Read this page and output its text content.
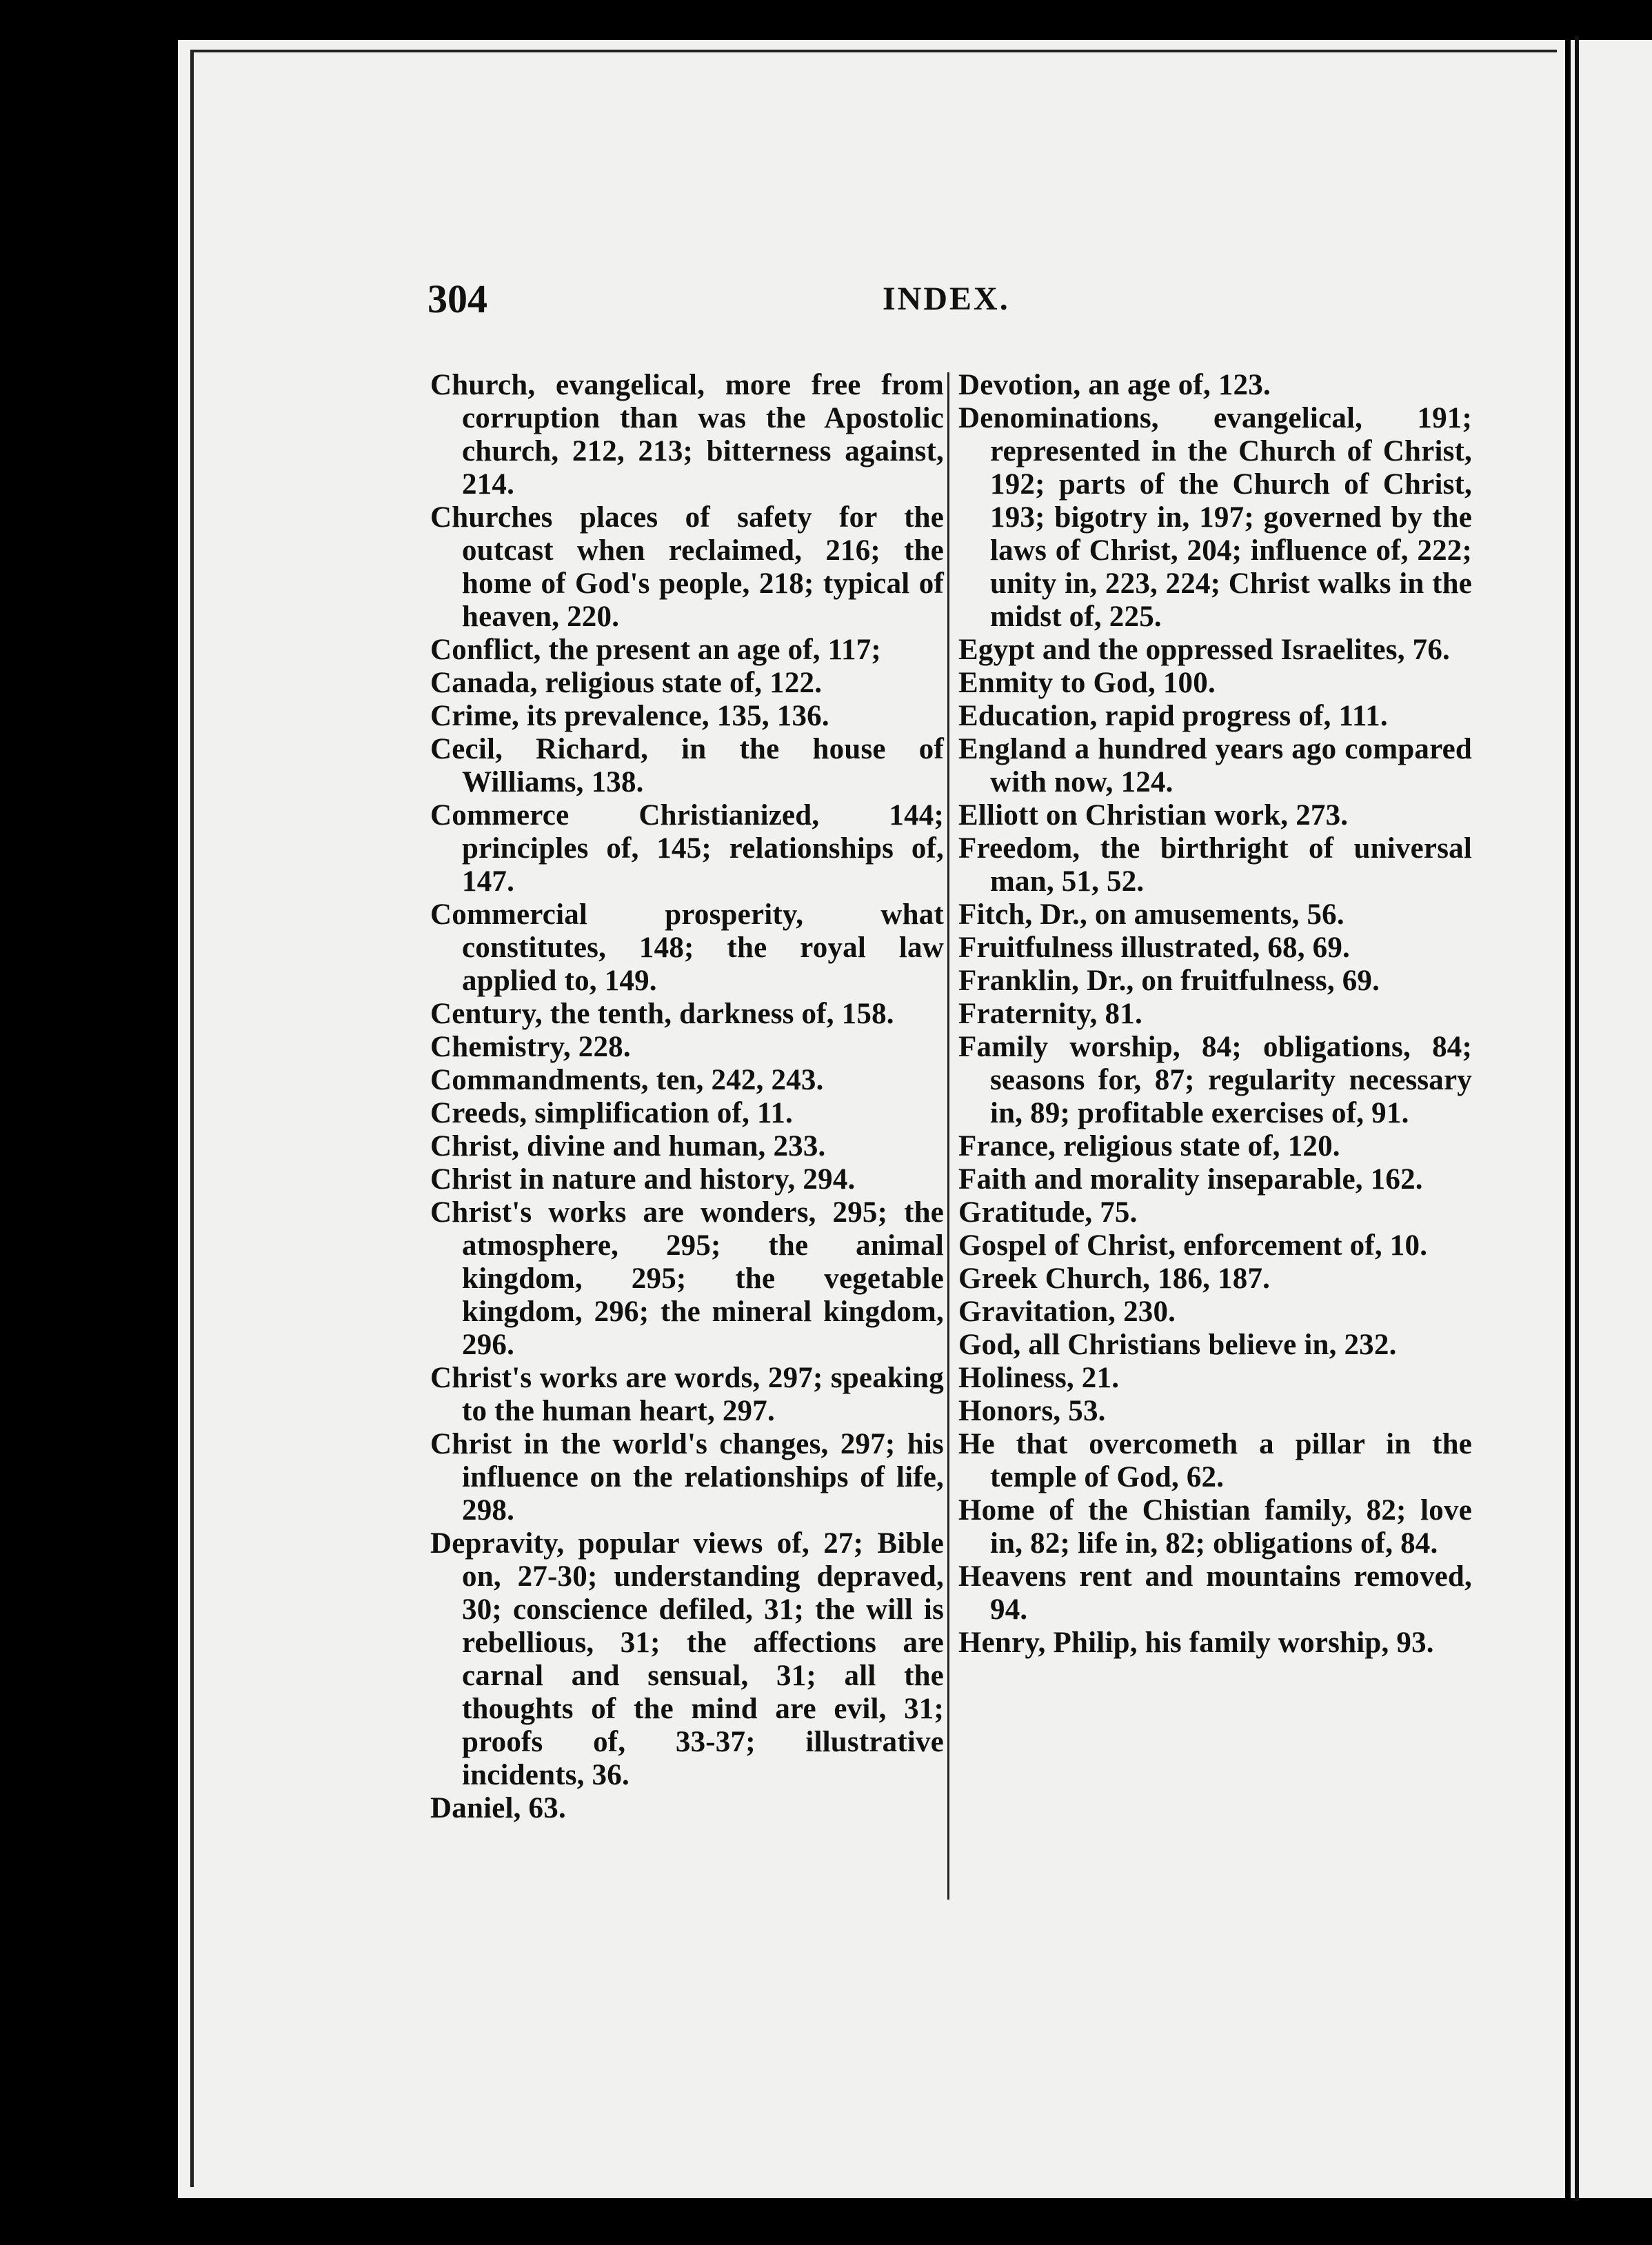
304	INDEX.

Church, evangelical, more free from corruption than was the Apostolic church, 212, 213; bitterness against, 214.

Churches places of safety for the outcast when reclaimed, 216; the home of God's people, 218; typical of heaven, 220.

Conflict, the present an age of, 117;

Canada, religious state of, 122.

Crime, its prevalence, 135, 136.

Cecil, Richard, in the house of Williams, 138.

Commerce Christianized, 144; principles of, 145; relationships of, 147.

Commercial prosperity, what constitutes, 148; the royal law applied to, 149.

Century, the tenth, darkness of, 158.

Chemistry, 228.

Commandments, ten, 242, 243.

Creeds, simplification of, 11.

Christ, divine and human, 233.

Christ in nature and history, 294.

Christ's works are wonders, 295; the atmosphere, 295; the animal kingdom, 295; the vegetable kingdom, 296; the mineral kingdom, 296.

Christ's works are words, 297; speaking to the human heart, 297.

Christ in the world's changes, 297; his influence on the relationships of life, 298.

Depravity, popular views of, 27; Bible on, 27-30; understanding depraved, 30; conscience defiled, 31; the will is rebellious, 31; the affections are carnal and sensual, 31; all the thoughts of the mind are evil, 31; proofs of, 33-37; illustrative incidents, 36.

Daniel, 63.

Devotion, an age of, 123.

Denominations, evangelical, 191; represented in the Church of Christ, 192; parts of the Church of Christ, 193; bigotry in, 197; governed by the laws of Christ, 204; influence of, 222; unity in, 223, 224; Christ walks in the midst of, 225.

Egypt and the oppressed Israelites, 76.

Enmity to God, 100.

Education, rapid progress of, 111.

England a hundred years ago compared with now, 124.

Elliott on Christian work, 273.

Freedom, the birthright of universal man, 51, 52.

Fitch, Dr., on amusements, 56.

Fruitfulness illustrated, 68, 69.

Franklin, Dr., on fruitfulness, 69.

Fraternity, 81.

Family worship, 84; obligations, 84; seasons for, 87; regularity necessary in, 89; profitable exercises of, 91.

France, religious state of, 120.

Faith and morality inseparable, 162.

Gratitude, 75.

Gospel of Christ, enforcement of, 10.

Greek Church, 186, 187.

Gravitation, 230.

God, all Christians believe in, 232.

Holiness, 21.

Honors, 53.

He that overcometh a pillar in the temple of God, 62.

Home of the Chistian family, 82; love in, 82; life in, 82; obligations of, 84.

Heavens rent and mountains removed, 94.

Henry, Philip, his family worship, 93.
